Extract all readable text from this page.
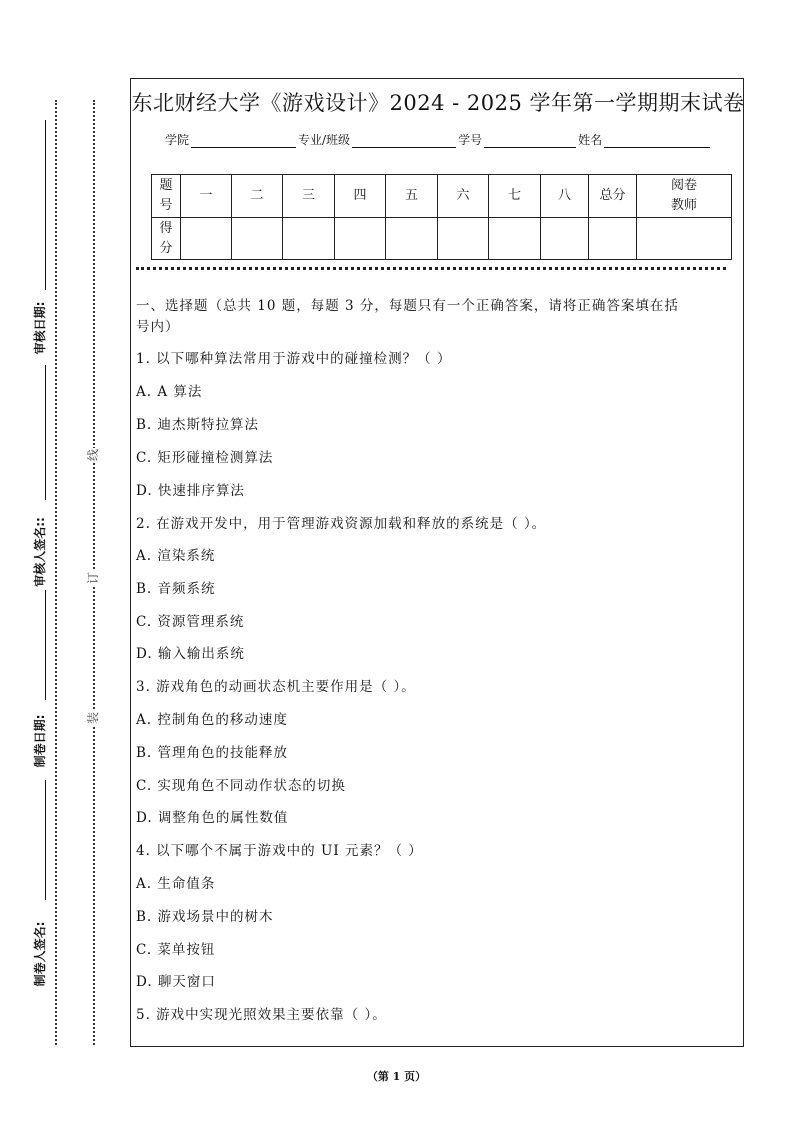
审核日期:
审核人签名::
制卷日期:
制卷人签名:
线
订
装
东北财经大学《游戏设计》2024 - 2025 学年第一学期期末试卷
学院	专业/班级	学号	姓名
题
号	一	二	三	四	五	六	七	八	总分	阅卷
教师
得
分										
一、选择题（总共 10 题，每题 3 分，每题只有一个正确答案，请将正确答案填在括
号内）
1. 以下哪种算法常用于游戏中的碰撞检测？（ ）
A. A 算法
B. 迪杰斯特拉算法
C. 矩形碰撞检测算法
D. 快速排序算法
2. 在游戏开发中，用于管理游戏资源加载和释放的系统是（ ）。
A. 渲染系统
B. 音频系统
C. 资源管理系统
D. 输入输出系统
3. 游戏角色的动画状态机主要作用是（ ）。
A. 控制角色的移动速度
B. 管理角色的技能释放
C. 实现角色不同动作状态的切换
D. 调整角色的属性数值
4. 以下哪个不属于游戏中的 UI 元素？（ ）
A. 生命值条
B. 游戏场景中的树木
C. 菜单按钮
D. 聊天窗口
5. 游戏中实现光照效果主要依靠（ ）。
（第 1 页）
